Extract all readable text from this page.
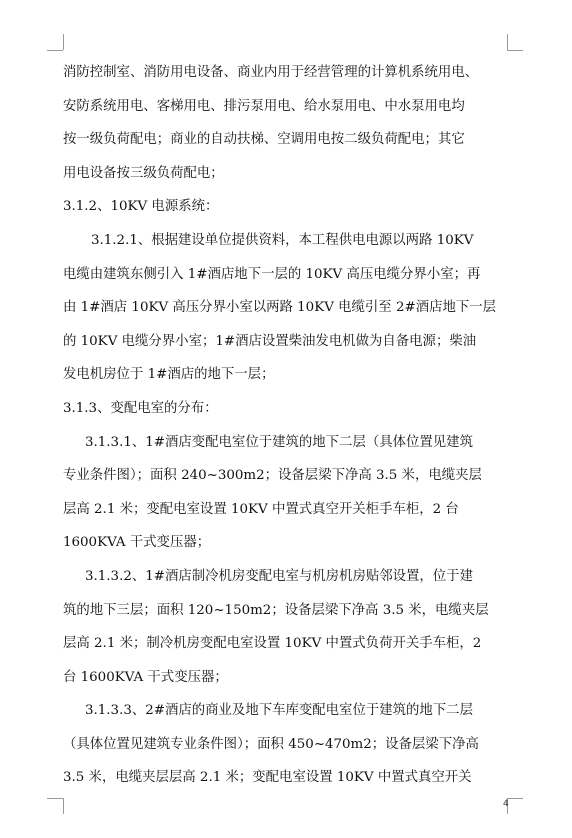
消防控制室、消防用电设备、商业内用于经营管理的计算机系统用电、
安防系统用电、客梯用电、排污泵用电、给水泵用电、中水泵用电均
按一级负荷配电；商业的自动扶梯、空调用电按二级负荷配电；其它
用电设备按三级负荷配电；
3.1.2、10KV 电源系统：
3.1.2.1、根据建设单位提供资料，本工程供电电源以两路 10KV
电缆由建筑东侧引入 1#酒店地下一层的 10KV 高压电缆分界小室；再
由 1#酒店 10KV 高压分界小室以两路 10KV 电缆引至 2#酒店地下一层
的 10KV 电缆分界小室；1#酒店设置柴油发电机做为自备电源；柴油
发电机房位于 1#酒店的地下一层；
3.1.3、变配电室的分布：
3.1.3.1、1#酒店变配电室位于建筑的地下二层（具体位置见建筑
专业条件图）；面积 240~300m2；设备层梁下净高 3.5 米，电缆夹层
层高 2.1 米；变配电室设置 10KV 中置式真空开关柜手车柜，2 台
1600KVA 干式变压器；
3.1.3.2、1#酒店制冷机房变配电室与机房机房贴邻设置，位于建
筑的地下三层；面积 120~150m2；设备层梁下净高 3.5 米，电缆夹层
层高 2.1 米；制冷机房变配电室设置 10KV 中置式负荷开关手车柜，2
台 1600KVA 干式变压器；
3.1.3.3、2#酒店的商业及地下车库变配电室位于建筑的地下二层
（具体位置见建筑专业条件图）；面积 450~470m2；设备层梁下净高
3.5 米，电缆夹层层高 2.1 米；变配电室设置 10KV 中置式真空开关
4
